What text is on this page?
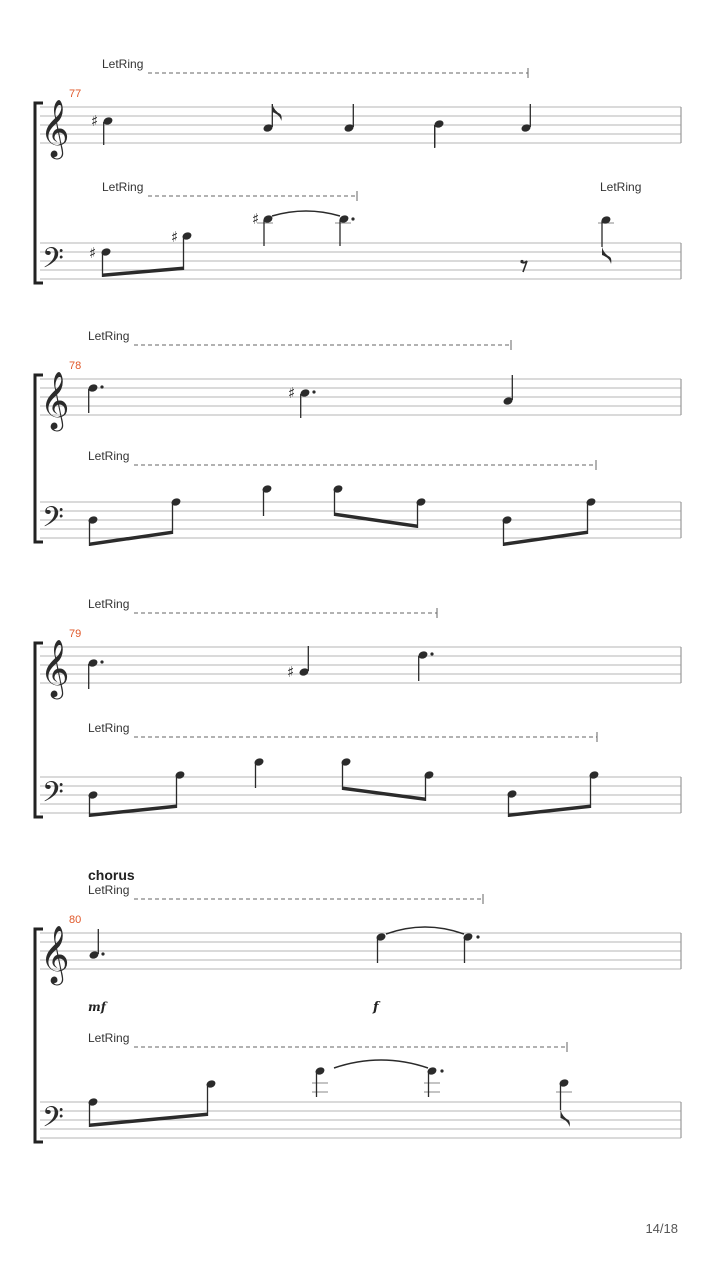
LetRing
77
𝄞
𝄢
♯
LetRing	LetRing
♯
♯
♯
LetRing
78
𝄞
𝄢
♯
LetRing
LetRing
79
𝄞
𝄢
♯
LetRing
chorus
LetRing
80
𝄞
𝄢
mf	f
LetRing
14/18
